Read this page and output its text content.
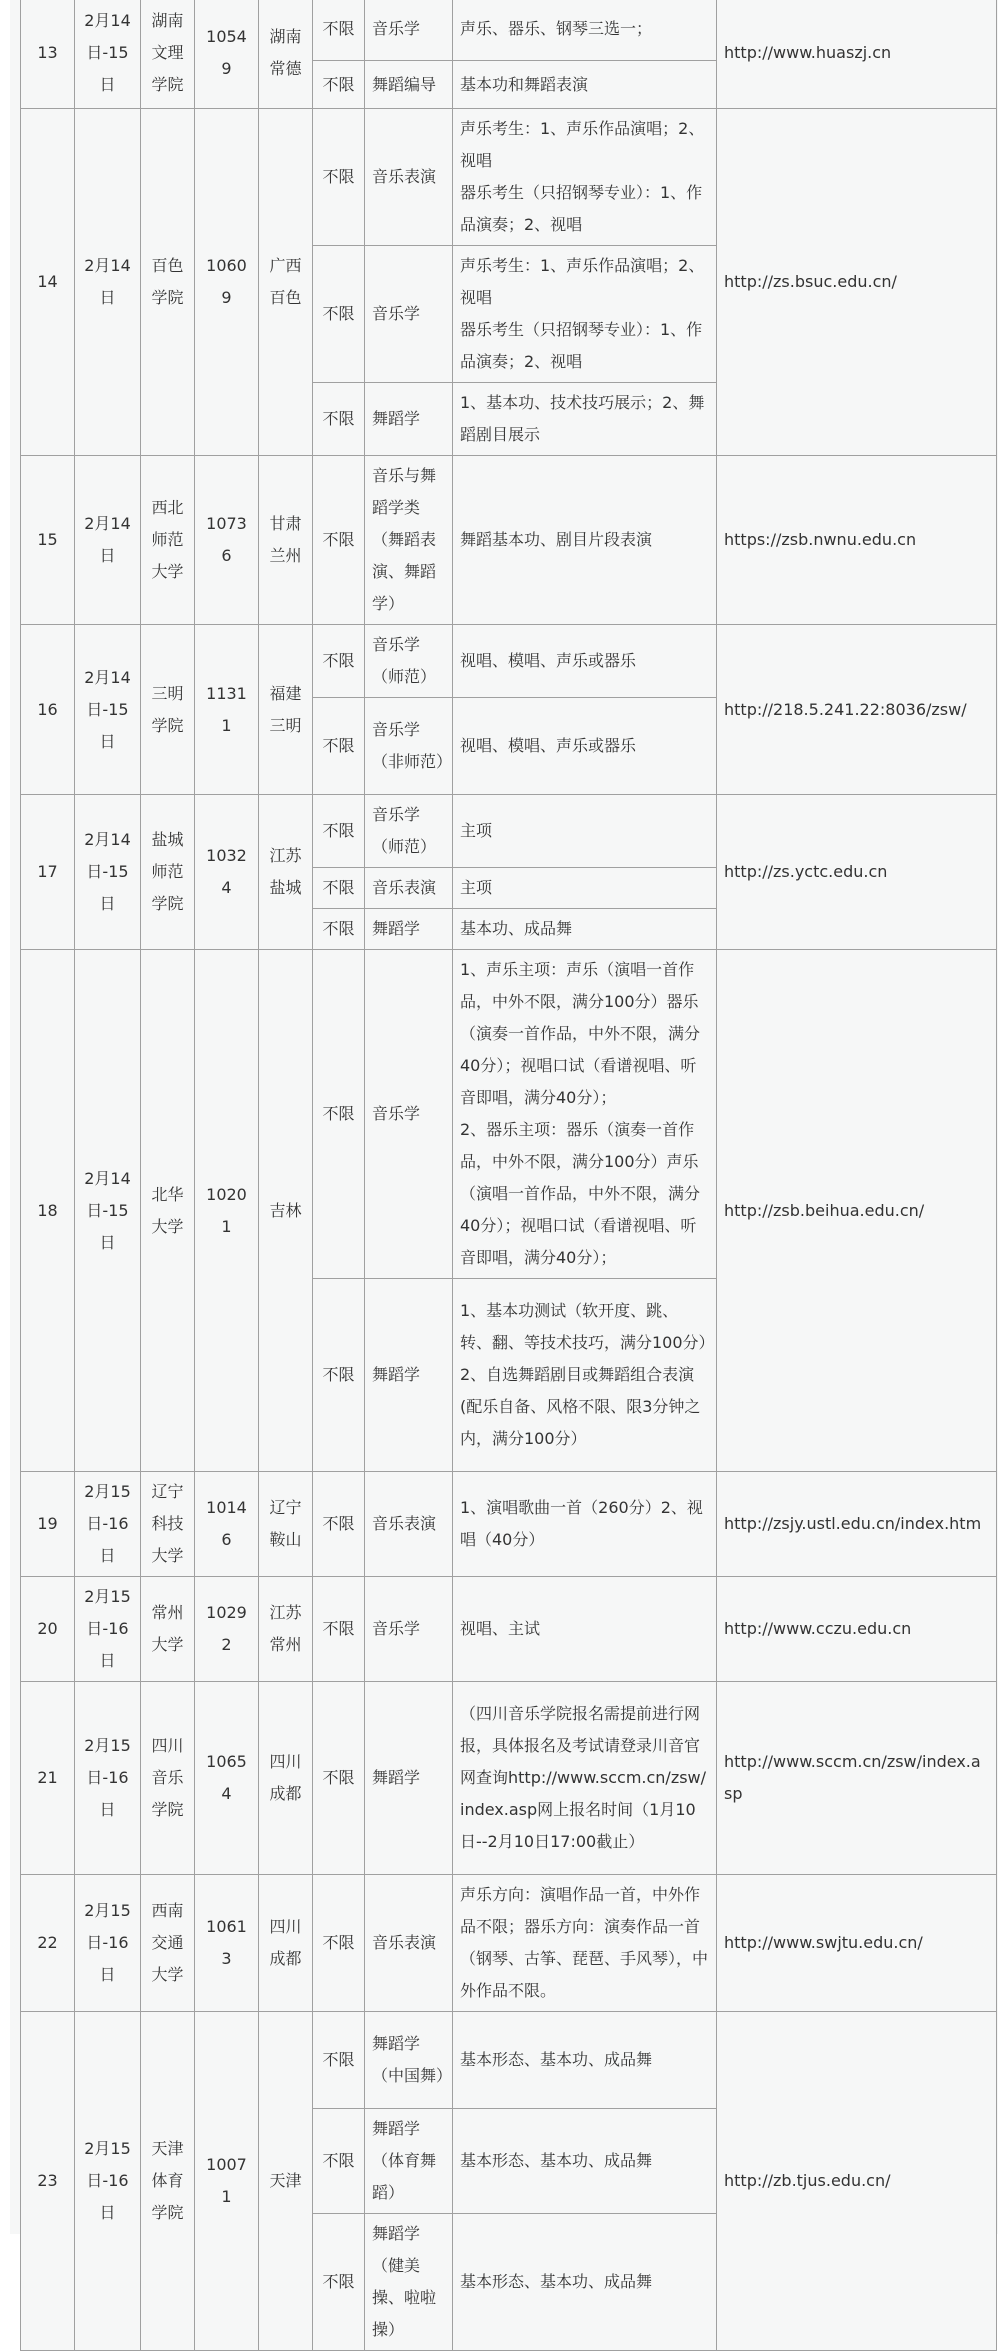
13	2月14日-15日	湖南文理学院	10549	湖南常德	不限	音乐学	声乐、器乐、钢琴三选一；	http://www.huaszj.cn
					不限	舞蹈编导	基本功和舞蹈表演	
14	2月14日	百色学院	10609	广西百色	不限	音乐表演	声乐考生：1、声乐作品演唱；2、视唱
器乐考生（只招钢琴专业）：1、作品演奏；2、视唱	http://zs.bsuc.edu.cn/
					不限	音乐学	声乐考生：1、声乐作品演唱；2、视唱
器乐考生（只招钢琴专业）：1、作品演奏；2、视唱	

					不限	舞蹈学	1、基本功、技术技巧展示；2、舞蹈剧目展示	
15	2月14日	西北师范大学	10736	甘肃兰州	不限	音乐与舞蹈学类（舞蹈表演、舞蹈学）	舞蹈基本功、剧目片段表演	https://zsb.nwnu.edu.cn
16	2月14日-15日	三明学院	11311	福建三明	不限	音乐学（师范）	视唱、模唱、声乐或器乐	http://218.5.241.22:8036/zsw/
					不限	音乐学（非师范）	视唱、模唱、声乐或器乐	
17	2月14日-15日	盐城师范学院	10324	江苏盐城	不限	音乐学（师范）	主项	http://zs.yctc.edu.cn
					不限	音乐表演	主项	
					不限	舞蹈学	基本功、成品舞	
18	2月14日-15日	北华大学	10201	吉林	不限	音乐学	1、声乐主项：声乐（演唱一首作品，中外不限，满分100分）器乐（演奏一首作品，中外不限，满分40分）；视唱口试（看谱视唱、听音即唱，满分40分）；
2、器乐主项：器乐（演奏一首作品，中外不限，满分100分）声乐（演唱一首作品，中外不限，满分40分）；视唱口试（看谱视唱、听音即唱，满分40分）；	http://zsb.beihua.edu.cn/
					不限	舞蹈学	1、基本功测试（软开度、跳、转、翻、等技术技巧，满分100分）
2、自选舞蹈剧目或舞蹈组合表演(配乐自备、风格不限、限3分钟之内，满分100分）	

19	2月15日-16日	辽宁科技大学	10146	辽宁鞍山	不限	音乐表演	1、演唱歌曲一首（260分）2、视唱（40分）	http://zsjy.ustl.edu.cn/index.htm
20	2月15日-16日	常州大学	10292	江苏常州	不限	音乐学	视唱、主试	http://www.cczu.edu.cn
21	2月15日-16日	四川音乐学院	10654	四川成都	不限	舞蹈学	（四川音乐学院报名需提前进行网报，具体报名及考试请登录川音官网查询http://www.sccm.cn/zsw/index.asp网上报名时间（1月10日--2月10日17:00截止）	http://www.sccm.cn/zsw/index.asp
22	2月15日-16日	西南交通大学	10613	四川成都	不限	音乐表演	声乐方向：演唱作品一首，中外作品不限；器乐方向：演奏作品一首（钢琴、古筝、琵琶、手风琴），中外作品不限。	http://www.swjtu.edu.cn/
23	2月15日-16日	天津体育学院	10071	天津	不限	舞蹈学（中国舞）	基本形态、基本功、成品舞	http://zb.tjus.edu.cn/
					不限	舞蹈学（体育舞蹈）	基本形态、基本功、成品舞	
					不限	舞蹈学（健美操、啦啦操）	基本形态、基本功、成品舞	
